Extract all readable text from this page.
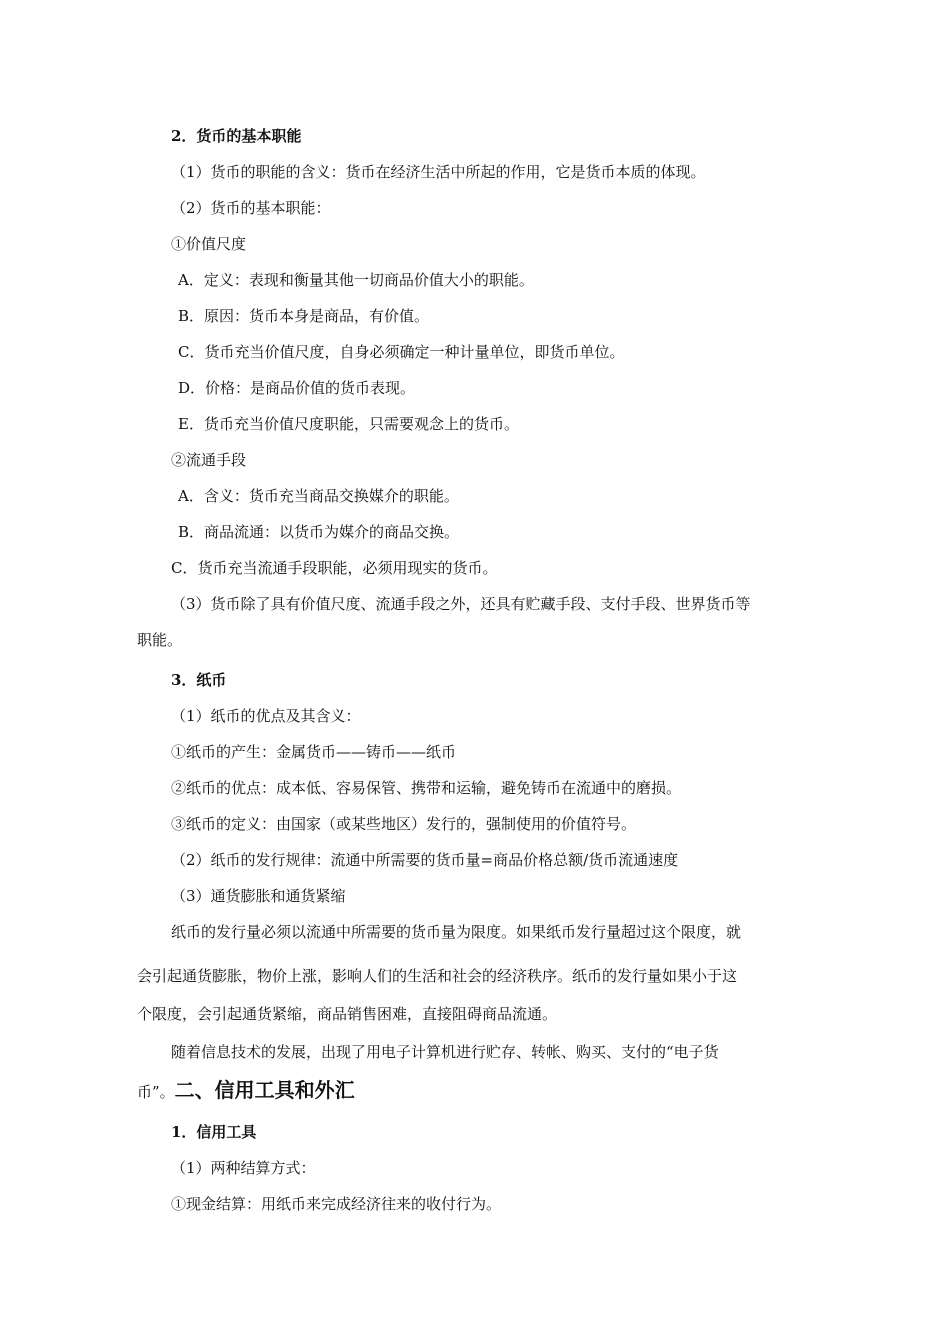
2．货币的基本职能
（1）货币的职能的含义：货币在经济生活中所起的作用，它是货币本质的体现。
（2）货币的基本职能：
①价值尺度
A．定义：表现和衡量其他一切商品价值大小的职能。
B．原因：货币本身是商品，有价值。
C．货币充当价值尺度，自身必须确定一种计量单位，即货币单位。
D．价格：是商品价值的货币表现。
E．货币充当价值尺度职能，只需要观念上的货币。
②流通手段
A．含义：货币充当商品交换媒介的职能。
B．商品流通：以货币为媒介的商品交换。
C．货币充当流通手段职能，必须用现实的货币。
（3）货币除了具有价值尺度、流通手段之外，还具有贮藏手段、支付手段、世界货币等
职能。
3．纸币
（1）纸币的优点及其含义：
①纸币的产生：金属货币——铸币——纸币
②纸币的优点：成本低、容易保管、携带和运输，避免铸币在流通中的磨损。
③纸币的定义：由国家（或某些地区）发行的，强制使用的价值符号。
（2）纸币的发行规律：流通中所需要的货币量=商品价格总额/货币流通速度
（3）通货膨胀和通货紧缩
纸币的发行量必须以流通中所需要的货币量为限度。如果纸币发行量超过这个限度，就
会引起通货膨胀，物价上涨，影响人们的生活和社会的经济秩序。纸币的发行量如果小于这
个限度，会引起通货紧缩，商品销售困难，直接阻碍商品流通。
随着信息技术的发展，出现了用电子计算机进行贮存、转帐、购买、支付的“电子货
币”。二、信用工具和外汇
1．信用工具
（1）两种结算方式：
①现金结算：用纸币来完成经济往来的收付行为。
